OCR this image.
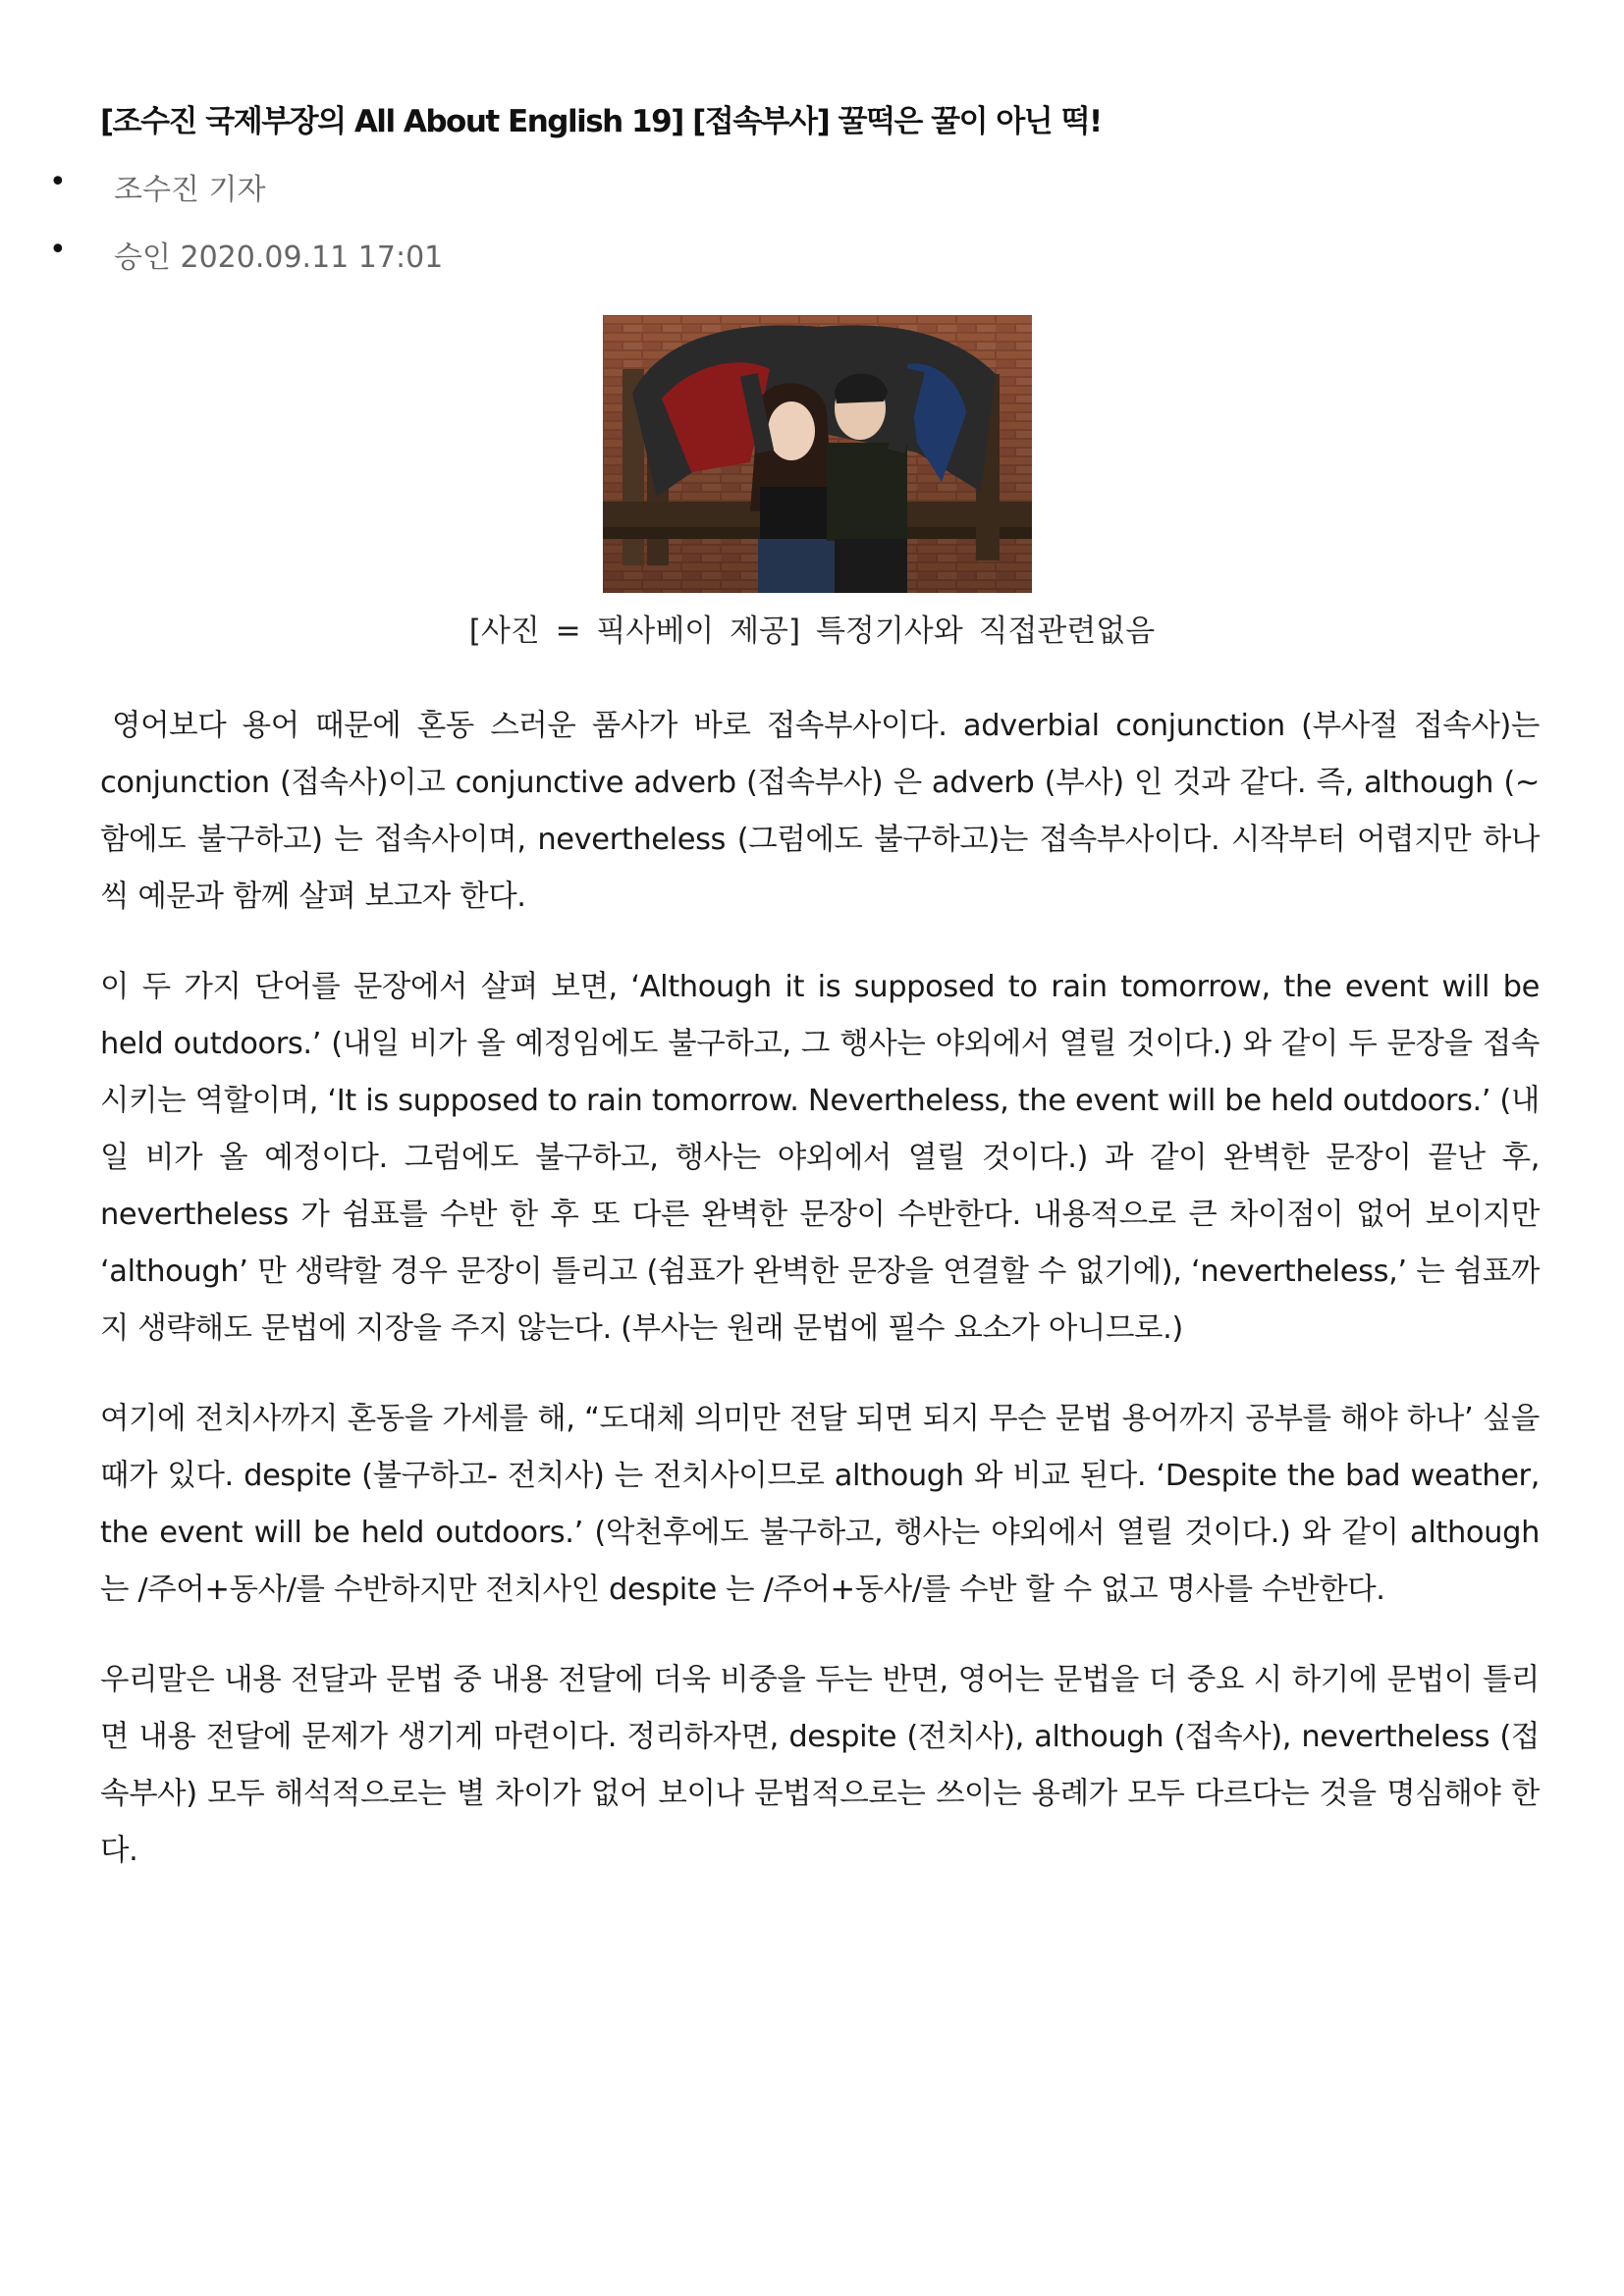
[조수진 국제부장의 All About English 19] [접속부사] 꿀떡은 꿀이 아닌 떡!
• 조수진 기자
• 승인 2020.09.11 17:01
[사진 = 픽사베이 제공] 특정기사와 직접관련없음

영어보다 용어 때문에 혼동 스러운 품사가 바로 접속부사이다. adverbial conjunction (부사절 접속사)는 conjunction (접속사)이고 conjunctive adverb (접속부사) 은 adverb (부사) 인 것과 같다. 즉, although (~함에도 불구하고) 는 접속사이며, nevertheless (그럼에도 불구하고)는 접속부사이다. 시작부터 어렵지만 하나씩 예문과 함께 살펴 보고자 한다.

이 두 가지 단어를 문장에서 살펴 보면, ‘Although it is supposed to rain tomorrow, the event will be held outdoors.’ (내일 비가 올 예정임에도 불구하고, 그 행사는 야외에서 열릴 것이다.) 와 같이 두 문장을 접속시키는 역할이며, ‘It is supposed to rain tomorrow. Nevertheless, the event will be held outdoors.’ (내일 비가 올 예정이다. 그럼에도 불구하고, 행사는 야외에서 열릴 것이다.) 과 같이 완벽한 문장이 끝난 후, nevertheless 가 쉼표를 수반 한 후 또 다른 완벽한 문장이 수반한다. 내용적으로 큰 차이점이 없어 보이지만 ‘although’ 만 생략할 경우 문장이 틀리고 (쉼표가 완벽한 문장을 연결할 수 없기에), ‘nevertheless,’ 는 쉼표까지 생략해도 문법에 지장을 주지 않는다. (부사는 원래 문법에 필수 요소가 아니므로.)

여기에 전치사까지 혼동을 가세를 해, “도대체 의미만 전달 되면 되지 무슨 문법 용어까지 공부를 해야 하나’ 싶을 때가 있다. despite (불구하고- 전치사) 는 전치사이므로 although 와 비교 된다. ‘Despite the bad weather, the event will be held outdoors.’ (악천후에도 불구하고, 행사는 야외에서 열릴 것이다.) 와 같이 although 는 /주어+동사/를 수반하지만 전치사인 despite 는 /주어+동사/를 수반 할 수 없고 명사를 수반한다.

우리말은 내용 전달과 문법 중 내용 전달에 더욱 비중을 두는 반면, 영어는 문법을 더 중요 시 하기에 문법이 틀리면 내용 전달에 문제가 생기게 마련이다. 정리하자면, despite (전치사), although (접속사), nevertheless (접속부사) 모두 해석적으로는 별 차이가 없어 보이나 문법적으로는 쓰이는 용례가 모두 다르다는 것을 명심해야 한다.
